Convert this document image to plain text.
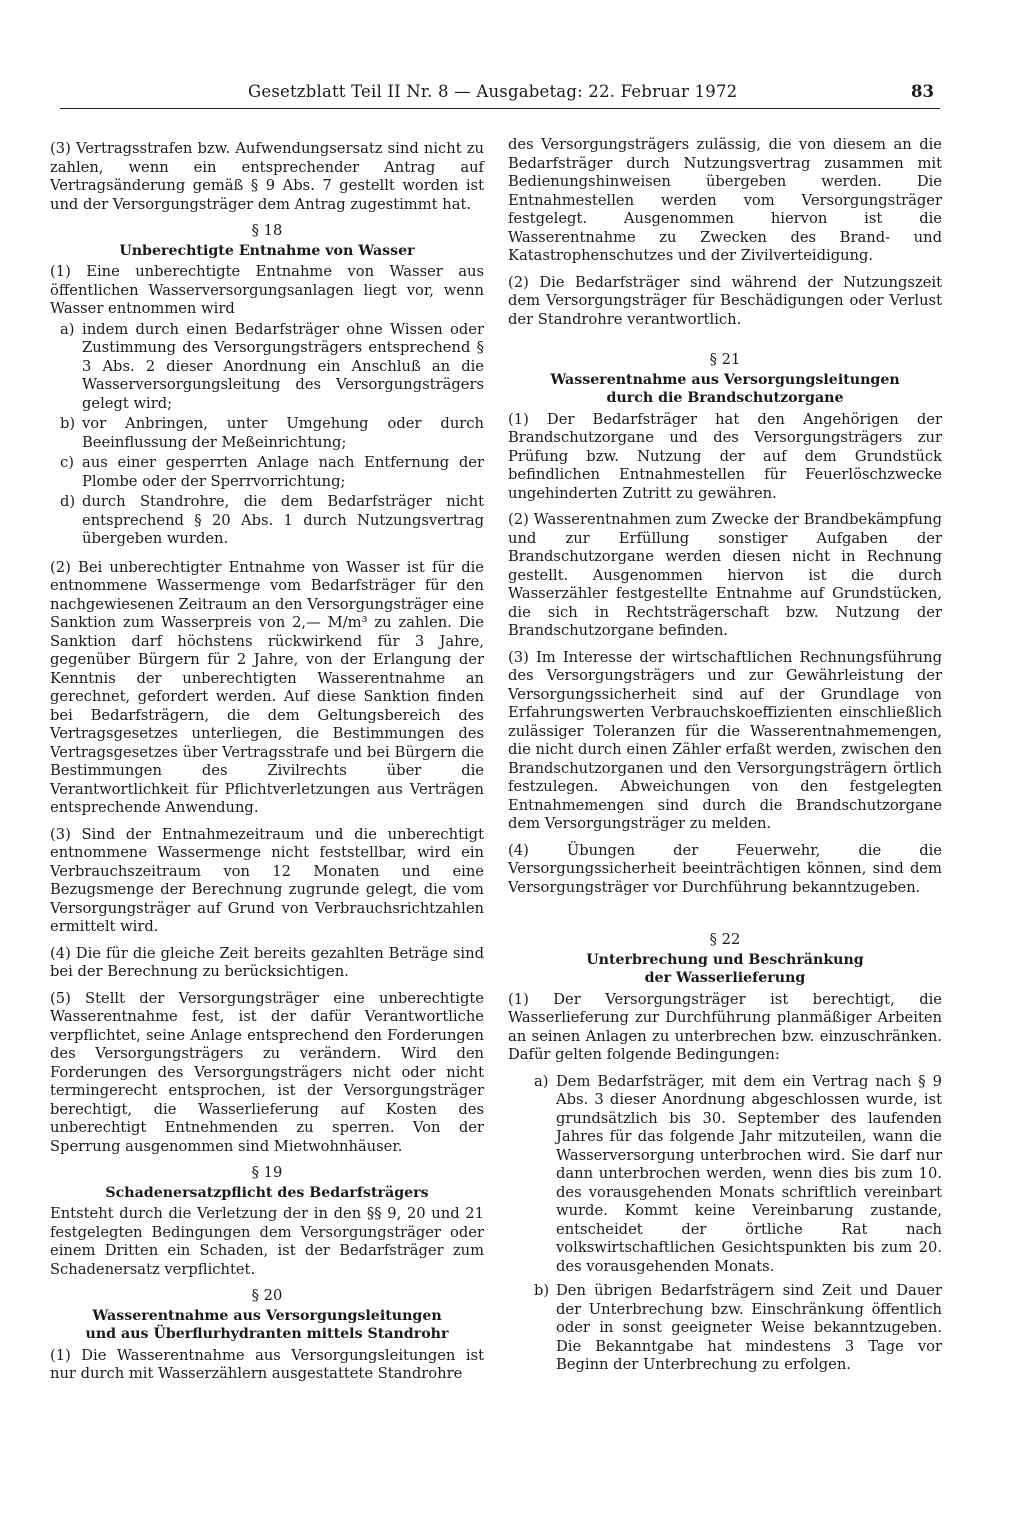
Gesetzblatt Teil II Nr. 8 — Ausgabetag: 22. Februar 1972	83

(3) Vertragsstrafen bzw. Aufwendungsersatz sind nicht zu zahlen, wenn ein entsprechender Antrag auf Vertragsänderung gemäß § 9 Abs. 7 gestellt worden ist und der Versorgungsträger dem Antrag zugestimmt hat.

§ 18
Unberechtigte Entnahme von Wasser

(1) Eine unberechtigte Entnahme von Wasser aus öffentlichen Wasserversorgungsanlagen liegt vor, wenn Wasser entnommen wird

a) indem durch einen Bedarfsträger ohne Wissen oder Zustimmung des Versorgungsträgers entsprechend § 3 Abs. 2 dieser Anordnung ein Anschluß an die Wasserversorgungsleitung des Versorgungsträgers gelegt wird;
b) vor Anbringen, unter Umgehung oder durch Beeinflussung der Meßeinrichtung;
c) aus einer gesperrten Anlage nach Entfernung der Plombe oder der Sperrvorrichtung;
d) durch Standrohre, die dem Bedarfsträger nicht entsprechend § 20 Abs. 1 durch Nutzungsvertrag übergeben wurden.

(2) Bei unberechtigter Entnahme von Wasser ist für die entnommene Wassermenge vom Bedarfsträger für den nachgewiesenen Zeitraum an den Versorgungsträger eine Sanktion zum Wasserpreis von 2,— M/m³ zu zahlen. Die Sanktion darf höchstens rückwirkend für 3 Jahre, gegenüber Bürgern für 2 Jahre, von der Erlangung der Kenntnis der unberechtigten Wasserentnahme an gerechnet, gefordert werden. Auf diese Sanktion finden bei Bedarfsträgern, die dem Geltungsbereich des Vertragsgesetzes unterliegen, die Bestimmungen des Vertragsgesetzes über Vertragsstrafe und bei Bürgern die Bestimmungen des Zivilrechts über die Verantwortlichkeit für Pflichtverletzungen aus Verträgen entsprechende Anwendung.

(3) Sind der Entnahmezeitraum und die unberechtigt entnommene Wassermenge nicht feststellbar, wird ein Verbrauchszeitraum von 12 Monaten und eine Bezugsmenge der Berechnung zugrunde gelegt, die vom Versorgungsträger auf Grund von Verbrauchsrichtzahlen ermittelt wird.

(4) Die für die gleiche Zeit bereits gezahlten Beträge sind bei der Berechnung zu berücksichtigen.

(5) Stellt der Versorgungsträger eine unberechtigte Wasserentnahme fest, ist der dafür Verantwortliche verpflichtet, seine Anlage entsprechend den Forderungen des Versorgungsträgers zu verändern. Wird den Forderungen des Versorgungsträgers nicht oder nicht termingerecht entsprochen, ist der Versorgungsträger berechtigt, die Wasserlieferung auf Kosten des unberechtigt Entnehmenden zu sperren. Von der Sperrung ausgenommen sind Mietwohnhäuser.

§ 19
Schadenersatzpflicht des Bedarfsträgers

Entsteht durch die Verletzung der in den §§ 9, 20 und 21 festgelegten Bedingungen dem Versorgungsträger oder einem Dritten ein Schaden, ist der Bedarfsträger zum Schadenersatz verpflichtet.

§ 20
Wasserentnahme aus Versorgungsleitungen
und aus Überflurhydranten mittels Standrohr

(1) Die Wasserentnahme aus Versorgungsleitungen ist nur durch mit Wasserzählern ausgestattete Standrohre

des Versorgungsträgers zulässig, die von diesem an die Bedarfsträger durch Nutzungsvertrag zusammen mit Bedienungshinweisen übergeben werden. Die Entnahmestellen werden vom Versorgungsträger festgelegt. Ausgenommen hiervon ist die Wasserentnahme zu Zwecken des Brand- und Katastrophenschutzes und der Zivilverteidigung.

(2) Die Bedarfsträger sind während der Nutzungszeit dem Versorgungsträger für Beschädigungen oder Verlust der Standrohre verantwortlich.

§ 21
Wasserentnahme aus Versorgungsleitungen
durch die Brandschutzorgane

(1) Der Bedarfsträger hat den Angehörigen der Brandschutzorgane und des Versorgungsträgers zur Prüfung bzw. Nutzung der auf dem Grundstück befindlichen Entnahmestellen für Feuerlöschzwecke ungehinderten Zutritt zu gewähren.

(2) Wasserentnahmen zum Zwecke der Brandbekämpfung und zur Erfüllung sonstiger Aufgaben der Brandschutzorgane werden diesen nicht in Rechnung gestellt. Ausgenommen hiervon ist die durch Wasserzähler festgestellte Entnahme auf Grundstücken, die sich in Rechtsträgerschaft bzw. Nutzung der Brandschutzorgane befinden.

(3) Im Interesse der wirtschaftlichen Rechnungsführung des Versorgungsträgers und zur Gewährleistung der Versorgungssicherheit sind auf der Grundlage von Erfahrungswerten Verbrauchskoeffizienten einschließlich zulässiger Toleranzen für die Wasserentnahmemengen, die nicht durch einen Zähler erfaßt werden, zwischen den Brandschutzorganen und den Versorgungsträgern örtlich festzulegen. Abweichungen von den festgelegten Entnahmemengen sind durch die Brandschutzorgane dem Versorgungsträger zu melden.

(4) Übungen der Feuerwehr, die die Versorgungssicherheit beeinträchtigen können, sind dem Versorgungsträger vor Durchführung bekanntzugeben.

§ 22
Unterbrechung und Beschränkung
der Wasserlieferung

(1) Der Versorgungsträger ist berechtigt, die Wasserlieferung zur Durchführung planmäßiger Arbeiten an seinen Anlagen zu unterbrechen bzw. einzuschränken. Dafür gelten folgende Bedingungen:

a) Dem Bedarfsträger, mit dem ein Vertrag nach § 9 Abs. 3 dieser Anordnung abgeschlossen wurde, ist grundsätzlich bis 30. September des laufenden Jahres für das folgende Jahr mitzuteilen, wann die Wasserversorgung unterbrochen wird. Sie darf nur dann unterbrochen werden, wenn dies bis zum 10. des vorausgehenden Monats schriftlich vereinbart wurde. Kommt keine Vereinbarung zustande, entscheidet der örtliche Rat nach volkswirtschaftlichen Gesichtspunkten bis zum 20. des vorausgehenden Monats.
b) Den übrigen Bedarfsträgern sind Zeit und Dauer der Unterbrechung bzw. Einschränkung öffentlich oder in sonst geeigneter Weise bekanntzugeben. Die Bekanntgabe hat mindestens 3 Tage vor Beginn der Unterbrechung zu erfolgen.
